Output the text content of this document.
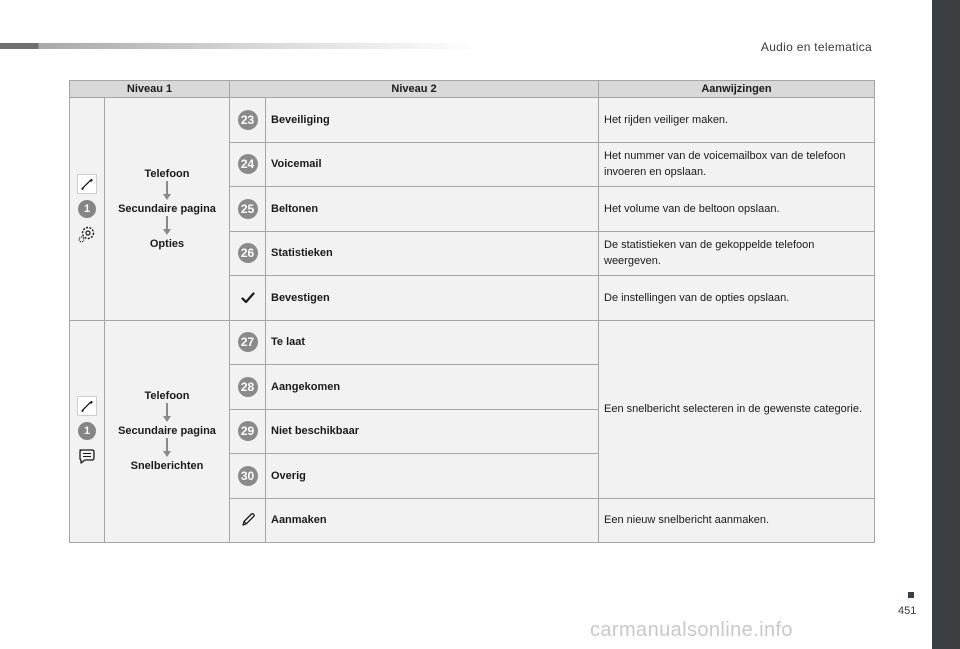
Audio en telematica
Niveau 1		Niveau 2		Aanwijzingen

1	Telefoon
Secundaire pagina
Opties	23	Beveiliging	Het rijden veiliger maken.
		24	Voicemail	Het nummer van de voicemailbox van de telefoon invoeren en opslaan.
		25	Beltonen	Het volume van de beltoon opslaan.
		26	Statistieken	De statistieken van de gekoppelde telefoon weergeven.

	Bevestigen	De instellingen van de opties opslaan.

1	Telefoon
Secundaire pagina
Snelberichten	27	Te laat	Een snelbericht selecteren in de gewenste categorie.
		28	Aangekomen	
		29	Niet beschikbaar	
		30	Overig	

	Aanmaken	Een nieuw snelbericht aanmaken.
451
carmanualsonline.info
